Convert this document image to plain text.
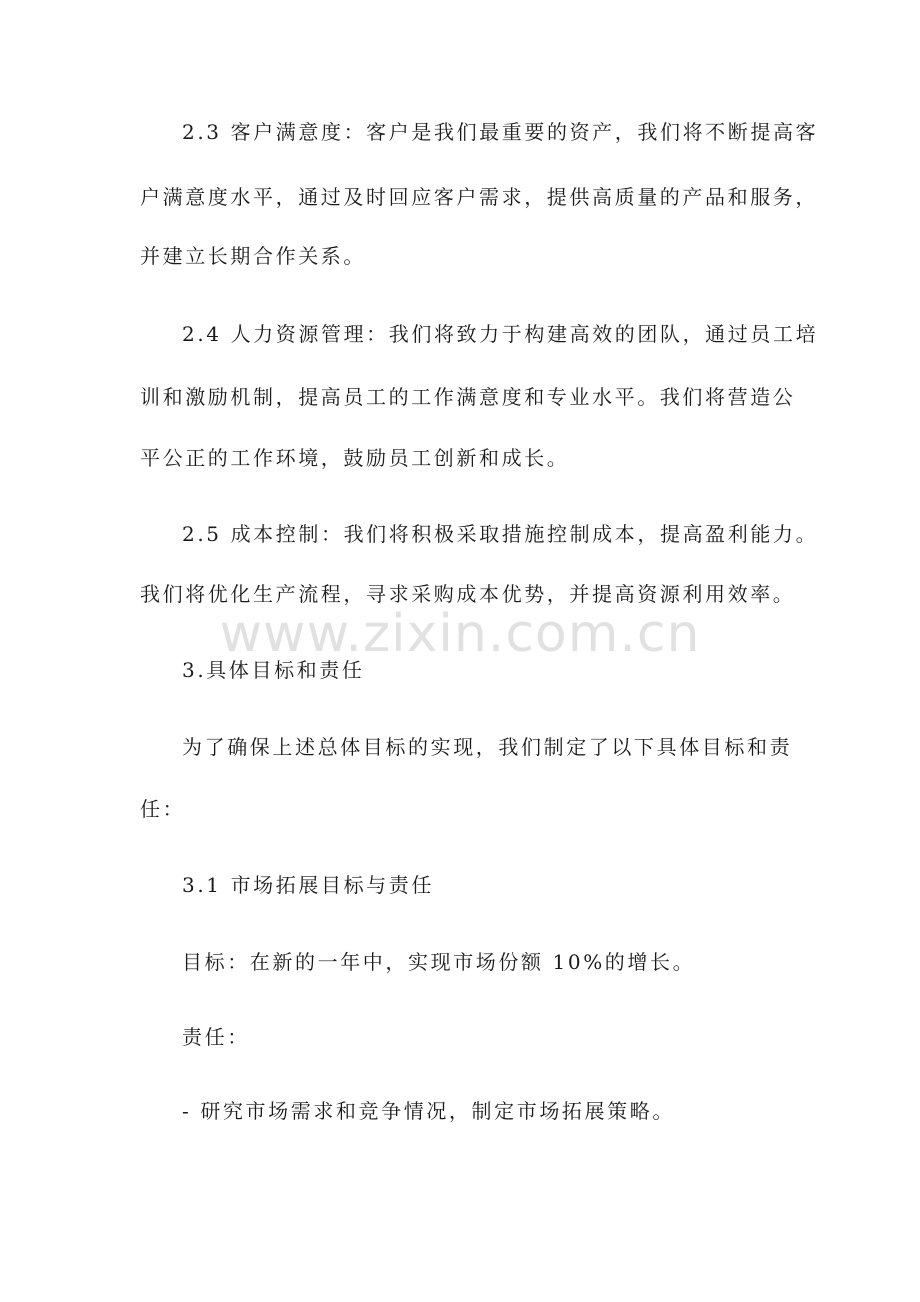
2.3 客户满意度：客户是我们最重要的资产，我们将不断提高客
户满意度水平，通过及时回应客户需求，提供高质量的产品和服务，
并建立长期合作关系。
2.4 人力资源管理：我们将致力于构建高效的团队，通过员工培
训和激励机制，提高员工的工作满意度和专业水平。我们将营造公
平公正的工作环境，鼓励员工创新和成长。
2.5 成本控制：我们将积极采取措施控制成本，提高盈利能力。
我们将优化生产流程，寻求采购成本优势，并提高资源利用效率。
3.具体目标和责任
为了确保上述总体目标的实现，我们制定了以下具体目标和责
任：
3.1 市场拓展目标与责任
目标：在新的一年中，实现市场份额 10%的增长。
责任：
- 研究市场需求和竞争情况，制定市场拓展策略。
www.zixin.com.cn
